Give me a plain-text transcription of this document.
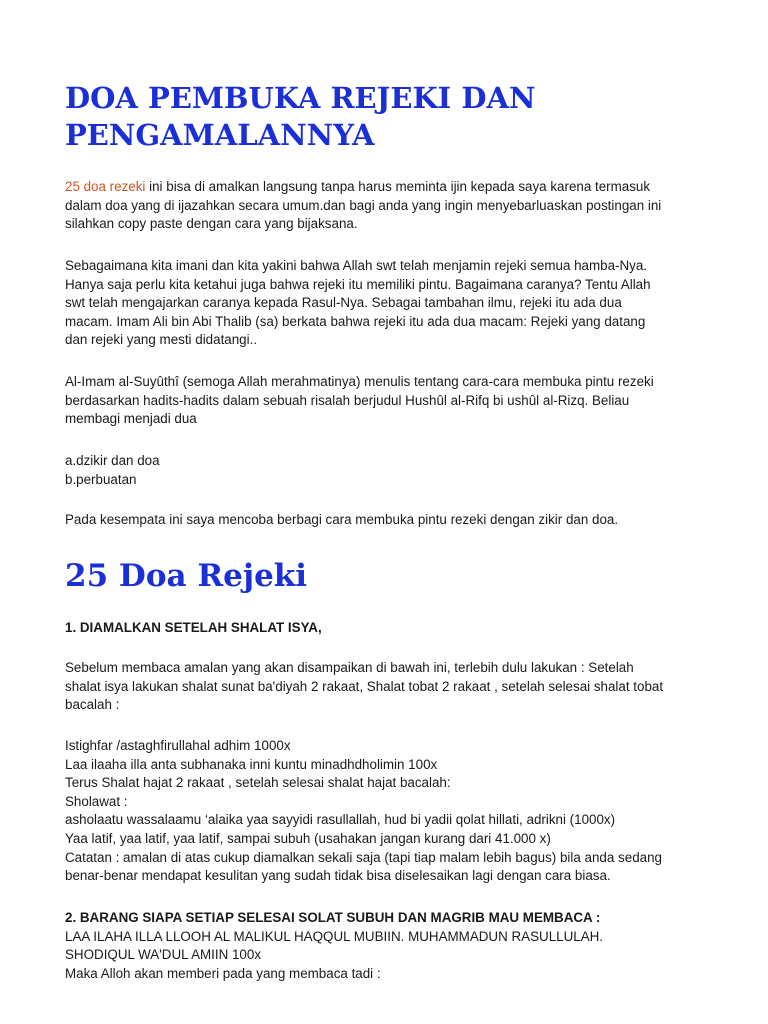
DOA PEMBUKA REJEKI DAN
PENGAMALANNYA

25 doa rezeki ini bisa di amalkan langsung tanpa harus meminta ijin kepada saya karena termasuk dalam doa yang di ijazahkan secara umum.dan bagi anda yang ingin menyebarluaskan postingan ini silahkan copy paste dengan cara yang bijaksana.

Sebagaimana kita imani dan kita yakini bahwa Allah swt telah menjamin rejeki semua hamba-Nya. Hanya saja perlu kita ketahui juga bahwa rejeki itu memiliki pintu. Bagaimana caranya? Tentu Allah swt telah mengajarkan caranya kepada Rasul-Nya. Sebagai tambahan ilmu, rejeki itu ada dua macam. Imam Ali bin Abi Thalib (sa) berkata bahwa rejeki itu ada dua macam: Rejeki yang datang dan rejeki yang mesti didatangi..

Al-Imam al-Suyûthî (semoga Allah merahmatinya) menulis tentang cara-cara membuka pintu rezeki berdasarkan hadits-hadits dalam sebuah risalah berjudul Hushûl al-Rifq bi ushûl al-Rizq. Beliau membagi menjadi dua

a.dzikir dan doa
b.perbuatan

Pada kesempata ini saya mencoba berbagi cara membuka pintu rezeki dengan zikir dan doa.

25 Doa Rejeki

1. DIAMALKAN SETELAH SHALAT ISYA,

Sebelum membaca amalan yang akan disampaikan di bawah ini, terlebih dulu lakukan : Setelah shalat isya lakukan shalat sunat ba'diyah 2 rakaat, Shalat tobat 2 rakaat , setelah selesai shalat tobat bacalah :

Istighfar /astaghfirullahal adhim 1000x
Laa ilaaha illa anta subhanaka inni kuntu minadhdholimin 100x
Terus Shalat hajat 2 rakaat , setelah selesai shalat hajat bacalah:
Sholawat :
asholaatu wassalaamu ‘alaika yaa sayyidi rasullallah, hud bi yadii qolat hillati, adrikni (1000x)
Yaa latif, yaa latif, yaa latif, sampai subuh (usahakan jangan kurang dari 41.000 x)
Catatan : amalan di atas cukup diamalkan sekali saja (tapi tiap malam lebih bagus) bila anda sedang benar-benar mendapat kesulitan yang sudah tidak bisa diselesaikan lagi dengan cara biasa.
2. BARANG SIAPA SETIAP SELESAI SOLAT SUBUH DAN MAGRIB MAU MEMBACA :
LAA ILAHA ILLA LLOOH AL MALIKUL HAQQUL MUBIIN. MUHAMMADUN RASULLULAH. SHODIQUL WA'DUL AMIIN 100x
Maka Alloh akan memberi pada yang membaca tadi :
